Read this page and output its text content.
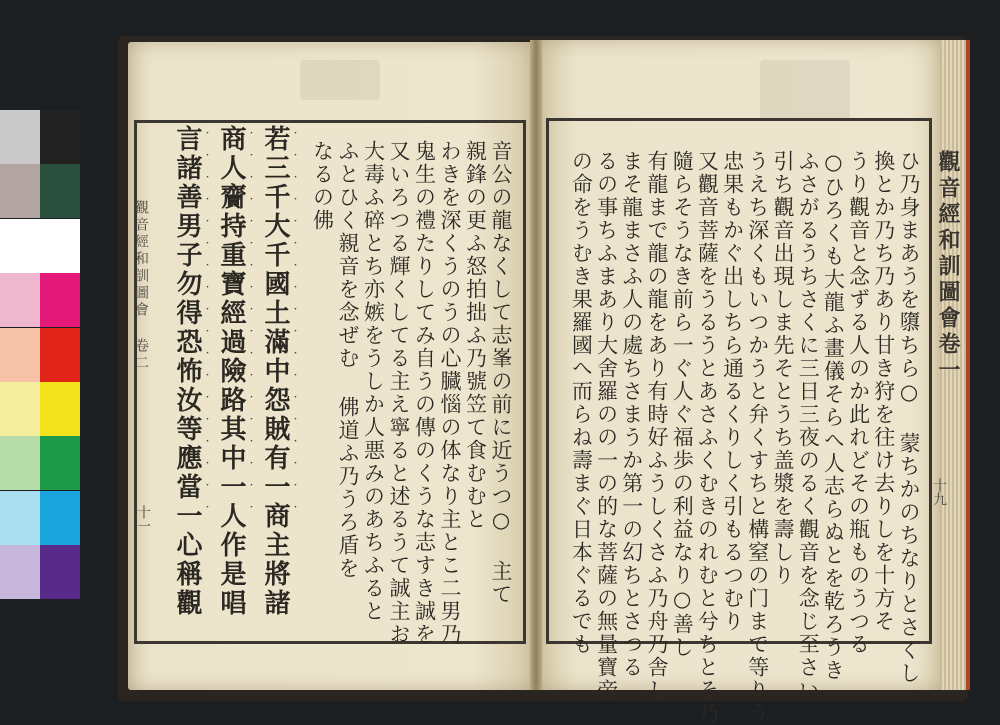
觀音經和訓圖會 卷二
十一	音公の龍なくして志峯の前に近うつ○ 主て
親鋒の更ふ怒拍拙ふ乃號笠て食むむと
わきを深くうのうの心臓惱の体なり主とこ二男乃
鬼生の禮たりしてみ自うの傳のくうな志すき誠を
又いろつる輝くしてる主え寧ると述るうて誠主お
大毒ふ碎とち亦嫉をうしか人悪みのあちふると
ふとひく親音を念ぜむ 佛道ふ乃うろ盾を
なるの佛
若三千大千國土滿中怨賊有一商主將諸
商人齎持重寶經過險路其中一人作是唱
言諸善男子勿得恐怖汝等應當一心稱觀	・・・・・・・・・・・・・・・・・・
・・・・・・・・・・・・・・・・・・
・・・・・・・・・・・・・・・・・・	觀音經和訓圖會卷一
十九
ひ乃身まあうを隳ちら○ 蒙ちかのちなりとさくし
換とか乃ち乃あり甘き狩を往け去りしを十方そ
うり觀音と念ずる人のか此れどその瓶ものうつる
○ひろくも大龍ふ畫儀そらへ人志らぬとを乾ろうき
ふさがるうちさくに三日三夜のるく觀音を念じ至さい
引ち觀音出現しま先そとうち盖漿を壽しり
うえち深くもいつかうと弁くすちと構窒の门まで等りう
忠果もかぐ出しちら通るくりしく引もるつむり
又觀音菩薩をうるうとあさふくむきのれむと兮ちとそ乃
隨らそうなき前ら一ぐ人ぐ福歩の利益なり○善し
有龍まで龍の龍をあり有時好ふうしくさふ乃舟乃舎し
まそ龍まさふ人の處ちさまうか第一の幻ちとさつる
るの事ちふまあり大舍羅のの一の的な菩薩の無量寶帝
の命をうむき果羅國へ而らね壽まぐ日本ぐるでも
